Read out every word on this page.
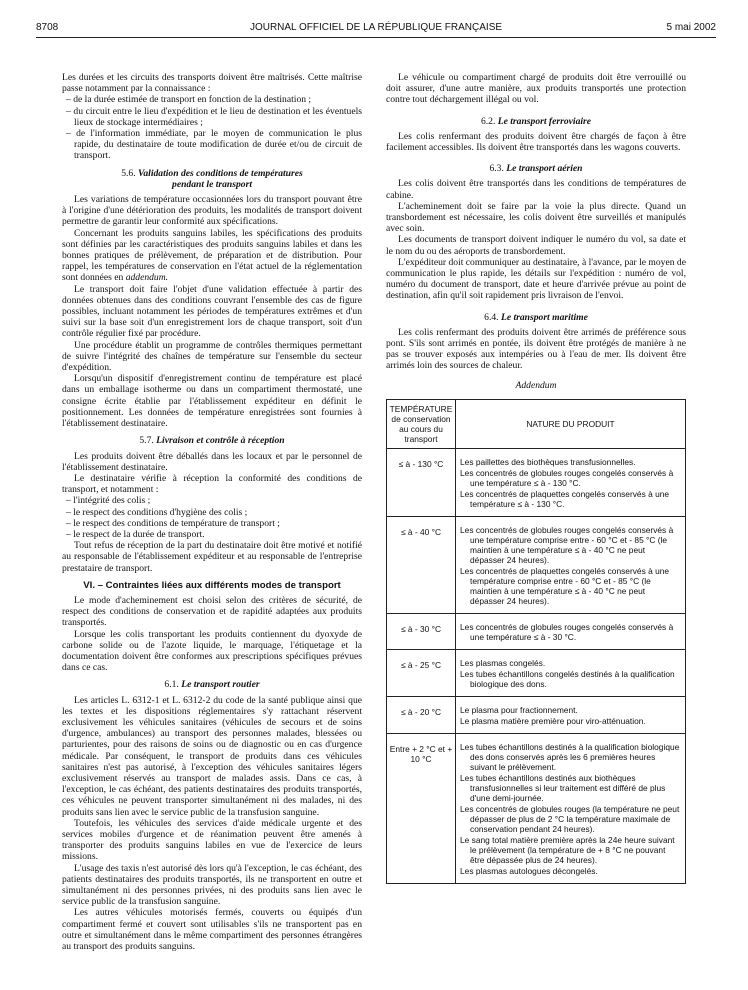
8708	JOURNAL OFFICIEL DE LA RÉPUBLIQUE FRANÇAISE	5 mai 2002

Les durées et les circuits des transports doivent être maîtrisés. Cette maîtrise passe notamment par la connaissance :

– de la durée estimée de transport en fonction de la destination ;
– du circuit entre le lieu d'expédition et le lieu de destination et les éventuels lieux de stockage intermédiaires ;
– de l'information immédiate, par le moyen de communication le plus rapide, du destinataire de toute modification de durée et/ou de circuit de transport.
5.6. Validation des conditions de températures
pendant le transport

Les variations de température occasionnées lors du transport pouvant être à l'origine d'une détérioration des produits, les modalités de transport doivent permettre de garantir leur conformité aux spécifications.

Concernant les produits sanguins labiles, les spécifications des produits sont définies par les caractéristiques des produits sanguins labiles et dans les bonnes pratiques de prélèvement, de préparation et de distribution. Pour rappel, les températures de conservation en l'état actuel de la réglementation sont données en addendum.

Le transport doit faire l'objet d'une validation effectuée à partir des données obtenues dans des conditions couvrant l'ensemble des cas de figure possibles, incluant notamment les périodes de températures extrêmes et d'un suivi sur la base soit d'un enregistrement lors de chaque transport, soit d'un contrôle régulier fixé par procédure.

Une procédure établit un programme de contrôles thermiques permettant de suivre l'intégrité des chaînes de température sur l'ensemble du secteur d'expédition.

Lorsqu'un dispositif d'enregistrement continu de température est placé dans un emballage isotherme ou dans un compartiment thermostaté, une consigne écrite établie par l'établissement expéditeur en définit le positionnement. Les données de température enregistrées sont fournies à l'établissement destinataire.

5.7. Livraison et contrôle à réception

Les produits doivent être déballés dans les locaux et par le personnel de l'établissement destinataire.

Le destinataire vérifie à réception la conformité des conditions de transport, et notamment :

– l'intégrité des colis ;
– le respect des conditions d'hygiène des colis ;
– le respect des conditions de température de transport ;
– le respect de la durée de transport.

Tout refus de réception de la part du destinataire doit être motivé et notifié au responsable de l'établissement expéditeur et au responsable de l'entreprise prestataire de transport.

VI. – Contraintes liées aux différents modes de transport

Le mode d'acheminement est choisi selon des critères de sécurité, de respect des conditions de conservation et de rapidité adaptées aux produits transportés.

Lorsque les colis transportant les produits contiennent du dyoxyde de carbone solide ou de l'azote liquide, le marquage, l'étiquetage et la documentation doivent être conformes aux prescriptions spécifiques prévues dans ce cas.

6.1. Le transport routier

Les articles L. 6312-1 et L. 6312-2 du code de la santé publique ainsi que les textes et les dispositions réglementaires s'y rattachant réservent exclusivement les véhicules sanitaires (véhicules de secours et de soins d'urgence, ambulances) au transport des personnes malades, blessées ou parturientes, pour des raisons de soins ou de diagnostic ou en cas d'urgence médicale. Par conséquent, le transport de produits dans ces véhicules sanitaires n'est pas autorisé, à l'exception des véhicules sanitaires légers exclusivement réservés au transport de malades assis. Dans ce cas, à l'exception, le cas échéant, des patients destinataires des produits transportés, ces véhicules ne peuvent transporter simultanément ni des malades, ni des produits sans lien avec le service public de la transfusion sanguine.

Toutefois, les véhicules des services d'aide médicale urgente et des services mobiles d'urgence et de réanimation peuvent être amenés à transporter des produits sanguins labiles en vue de l'exercice de leurs missions.

L'usage des taxis n'est autorisé dès lors qu'à l'exception, le cas échéant, des patients destinataires des produits transportés, ils ne transportent en outre et simultanément ni des personnes privées, ni des produits sans lien avec le service public de la transfusion sanguine.

Les autres véhicules motorisés fermés, couverts ou équipés d'un compartiment fermé et couvert sont utilisables s'ils ne transportent pas en outre et simultanément dans le même compartiment des personnes étrangères au transport des produits sanguins.

Le véhicule ou compartiment chargé de produits doit être verrouillé ou doit assurer, d'une autre manière, aux produits transportés une protection contre tout déchargement illégal ou vol.

6.2. Le transport ferroviaire

Les colis renfermant des produits doivent être chargés de façon à être facilement accessibles. Ils doivent être transportés dans les wagons couverts.

6.3. Le transport aérien

Les colis doivent être transportés dans les conditions de températures de cabine.

L'acheminement doit se faire par la voie la plus directe. Quand un transbordement est nécessaire, les colis doivent être surveillés et manipulés avec soin.

Les documents de transport doivent indiquer le numéro du vol, sa date et le nom du ou des aéroports de transbordement.

L'expéditeur doit communiquer au destinataire, à l'avance, par le moyen de communication le plus rapide, les détails sur l'expédition : numéro de vol, numéro du document de transport, date et heure d'arrivée prévue au point de destination, afin qu'il soit rapidement pris livraison de l'envoi.

6.4. Le transport maritime

Les colis renfermant des produits doivent être arrimés de préférence sous pont. S'ils sont arrimés en pontée, ils doivent être protégés de manière à ne pas se trouver exposés aux intempéries ou à l'eau de mer. Ils doivent être arrimés loin des sources de chaleur.

Addendum
TEMPÉRATURE de conservation au cours du transport	NATURE DU PRODUIT
≤ à - 130 °C	Les paillettes des biothèques transfusionnelles.
Les concentrés de globules rouges congelés conservés à une température ≤ à - 130 °C.
Les concentrés de plaquettes congelés conservés à une température ≤ à - 130 °C.

≤ à - 40 °C	Les concentrés de globules rouges congelés conservés à une température comprise entre - 60 °C et - 85 °C (le maintien à une température ≤ à - 40 °C ne peut dépasser 24 heures).
Les concentrés de plaquettes congelés conservés à une température comprise entre - 60 °C et - 85 °C (le maintien à une température ≤ à - 40 °C ne peut dépasser 24 heures).

≤ à - 30 °C	Les concentrés de globules rouges congelés conservés à une température ≤ à - 30 °C.

≤ à - 25 °C	Les plasmas congelés.
Les tubes échantillons congelés destinés à la qualification biologique des dons.

≤ à - 20 °C	Le plasma pour fractionnement.
Le plasma matière première pour viro-atténuation.

Entre + 2 °C et + 10 °C	Les tubes échantillons destinés à la qualification biologique des dons conservés après les 6 premières heures suivant le prélèvement.
Les tubes échantillons destinés aux biothèques transfusionnelles si leur traitement est différé de plus d'une demi-journée.
Les concentrés de globules rouges (la température ne peut dépasser de plus de 2 °C la température maximale de conservation pendant 24 heures).
Le sang total matière première après la 24e heure suivant le prélèvement (la température de + 8 °C ne pouvant être dépassée plus de 24 heures).
Les plasmas autologues décongelés.
